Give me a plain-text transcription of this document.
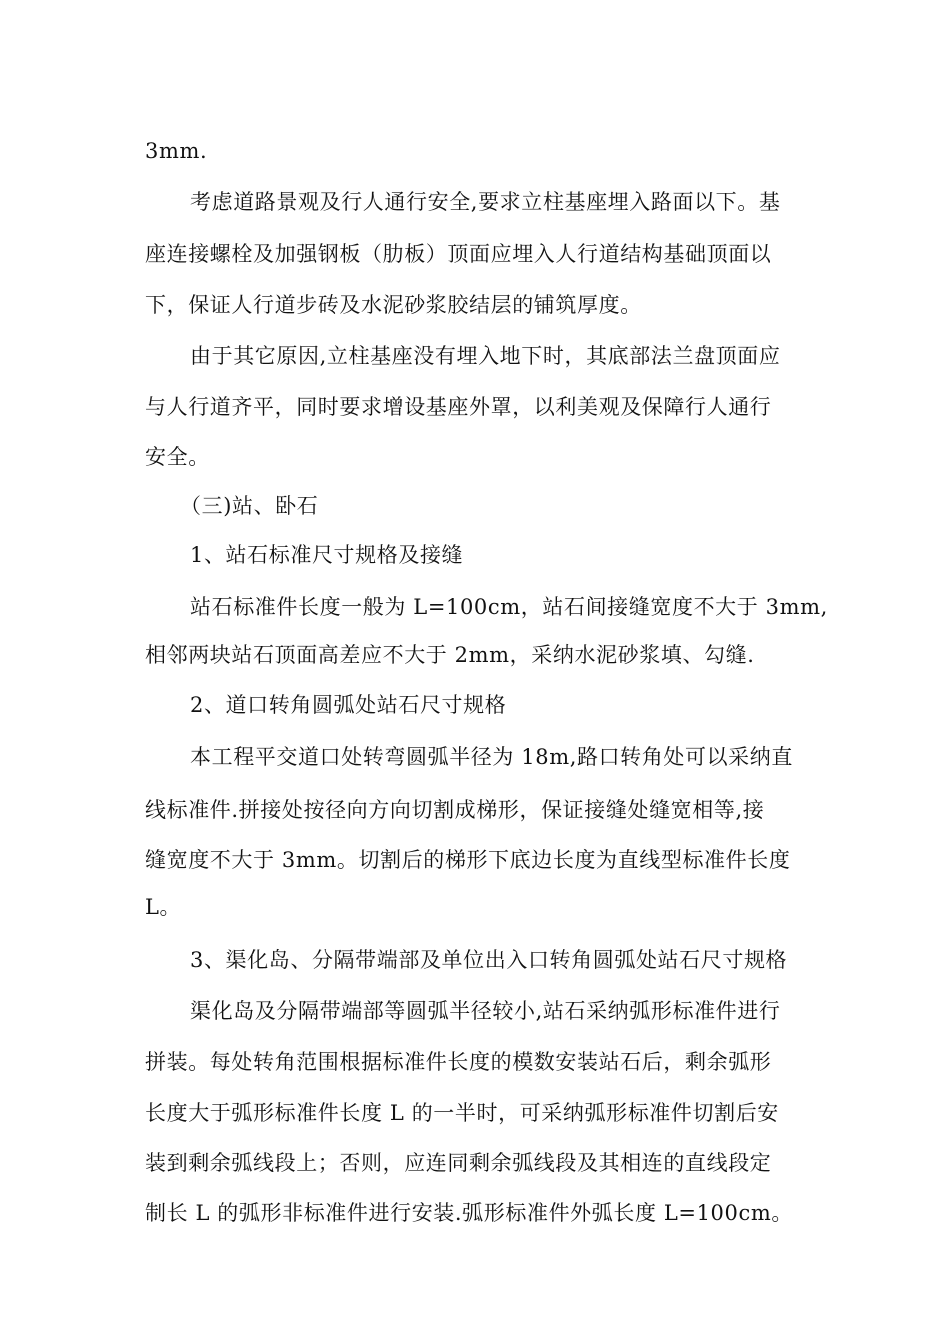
3mm.
考虑道路景观及行人通行安全,要求立柱基座埋入路面以下。基
座连接螺栓及加强钢板（肋板）顶面应埋入人行道结构基础顶面以
下，保证人行道步砖及水泥砂浆胶结层的铺筑厚度。
由于其它原因,立柱基座没有埋入地下时，其底部法兰盘顶面应
与人行道齐平，同时要求增设基座外罩，以利美观及保障行人通行
安全。
（三)站、卧石
1、站石标准尺寸规格及接缝
站石标准件长度一般为 L=100cm，站石间接缝宽度不大于 3mm,
相邻两块站石顶面高差应不大于 2mm，采纳水泥砂浆填、勾缝.
2、道口转角圆弧处站石尺寸规格
本工程平交道口处转弯圆弧半径为 18m,路口转角处可以采纳直
线标准件.拼接处按径向方向切割成梯形，保证接缝处缝宽相等,接
缝宽度不大于 3mm。切割后的梯形下底边长度为直线型标准件长度
L。
3、渠化岛、分隔带端部及单位出入口转角圆弧处站石尺寸规格
渠化岛及分隔带端部等圆弧半径较小,站石采纳弧形标准件进行
拼装。每处转角范围根据标准件长度的模数安装站石后，剩余弧形
长度大于弧形标准件长度 L 的一半时，可采纳弧形标准件切割后安
装到剩余弧线段上；否则，应连同剩余弧线段及其相连的直线段定
制长 L 的弧形非标准件进行安装.弧形标准件外弧长度 L=100cm。
